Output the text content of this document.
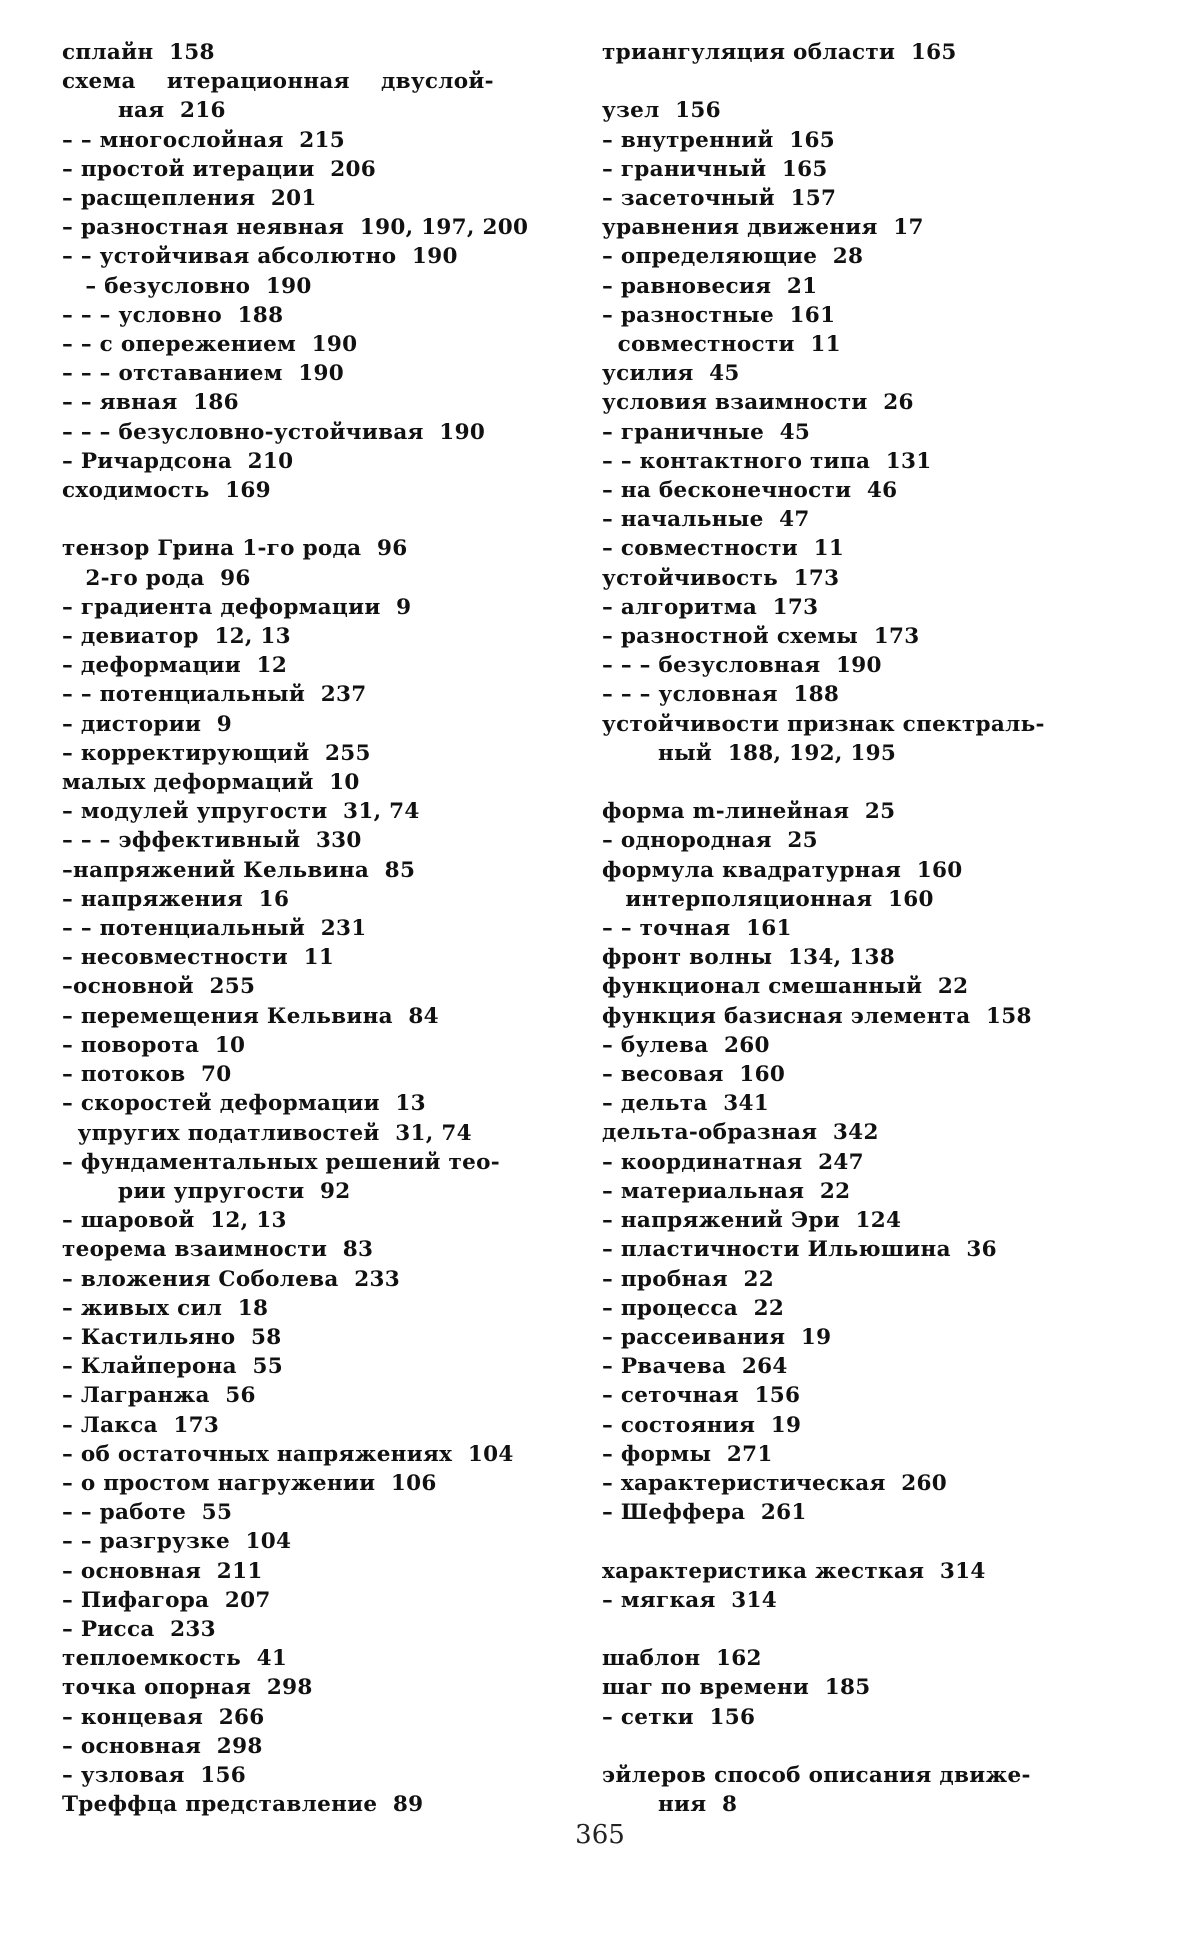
сплайн  158
схема    итерационная    двуслой-
ная  216
– – многослойная  215
– простой итерации  206
– расщепления  201
– разностная неявная  190, 197, 200
– – устойчивая абсолютно  190
– безусловно  190
– – – условно  188
– – с опережением  190
– – – отставанием  190
– – явная  186
– – – безусловно-устойчивая  190
– Ричардсона  210
сходимость  169
тензор Грина 1-го рода  96
2-го рода  96
– градиента деформации  9
– девиатор  12, 13
– деформации  12
– – потенциальный  237
– дистории  9
– корректирующий  255
малых деформаций  10
– модулей упругости  31, 74
– – – эффективный  330
–напряжений Кельвина  85
– напряжения  16
– – потенциальный  231
– несовместности  11
–основной  255
– перемещения Кельвина  84
– поворота  10
– потоков  70
– скоростей деформации  13
упругих податливостей  31, 74
– фундаментальных решений тео-
рии упругости  92
– шаровой  12, 13
теорема взаимности  83
– вложения Соболева  233
– живых сил  18
– Кастильяно  58
– Клайперона  55
– Лагранжа  56
– Лакса  173
– об остаточных напряжениях  104
– о простом нагружении  106
– – работе  55
– – разгрузке  104
– основная  211
– Пифагора  207
– Рисса  233
теплоемкость  41
точка опорная  298
– концевая  266
– основная  298
– узловая  156
Треффца представление  89
триангуляция области  165
узел  156
– внутренний  165
– граничный  165
– засеточный  157
уравнения движения  17
– определяющие  28
– равновесия  21
– разностные  161
совместности  11
усилия  45
условия взаимности  26
– граничные  45
– – контактного типа  131
– на бесконечности  46
– начальные  47
– совместности  11
устойчивость  173
– алгоритма  173
– разностной схемы  173
– – – безусловная  190
– – – условная  188
устойчивости признак спектраль-
ный  188, 192, 195
форма m-линейная  25
– однородная  25
формула квадратурная  160
интерполяционная  160
– – точная  161
фронт волны  134, 138
функционал смешанный  22
функция базисная элемента  158
– булева  260
– весовая  160
– дельта  341
дельта-образная  342
– координатная  247
– материальная  22
– напряжений Эри  124
– пластичности Ильюшина  36
– пробная  22
– процесса  22
– рассеивания  19
– Рвачева  264
– сеточная  156
– состояния  19
– формы  271
– характеристическая  260
– Шеффера  261
характеристика жесткая  314
– мягкая  314
шаблон  162
шаг по времени  185
– сетки  156
эйлеров способ описания движе-
ния  8
365
